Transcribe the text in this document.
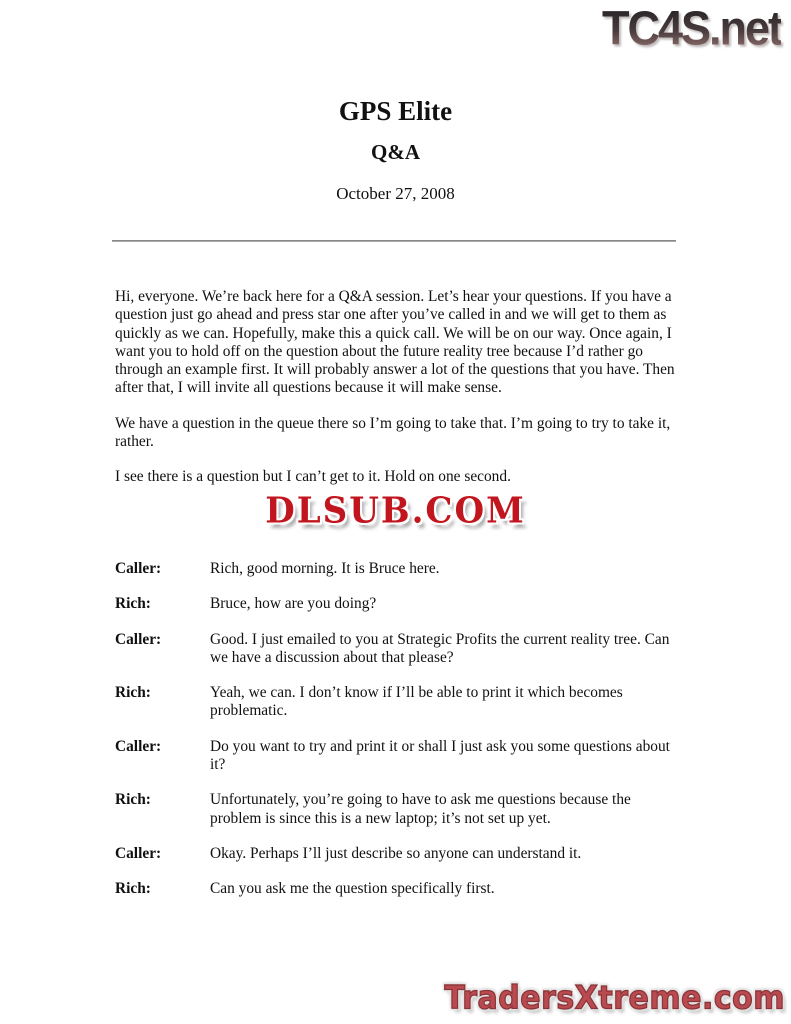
TC4S.net
GPS Elite
Q&A
October 27, 2008

Hi, everyone. We’re back here for a Q&A session. Let’s hear your questions. If you have a question just go ahead and press star one after you’ve called in and we will get to them as quickly as we can. Hopefully, make this a quick call. We will be on our way. Once again, I want you to hold off on the question about the future reality tree because I’d rather go through an example first. It will probably answer a lot of the questions that you have. Then after that, I will invite all questions because it will make sense.

We have a question in the queue there so I’m going to take that. I’m going to try to take it, rather.

I see there is a question but I can’t get to it. Hold on one second.

DLSUB.COM
Caller:	Rich, good morning. It is Bruce here.
Rich:	Bruce, how are you doing?
Caller:	Good. I just emailed to you at Strategic Profits the current reality tree. Can we have a discussion about that please?
Rich:	Yeah, we can. I don’t know if I’ll be able to print it which becomes problematic.
Caller:	Do you want to try and print it or shall I just ask you some questions about it?
Rich:	Unfortunately, you’re going to have to ask me questions because the problem is since this is a new laptop; it’s not set up yet.
Caller:	Okay. Perhaps I’ll just describe so anyone can understand it.
Rich:	Can you ask me the question specifically first.
TradersXtreme.com
